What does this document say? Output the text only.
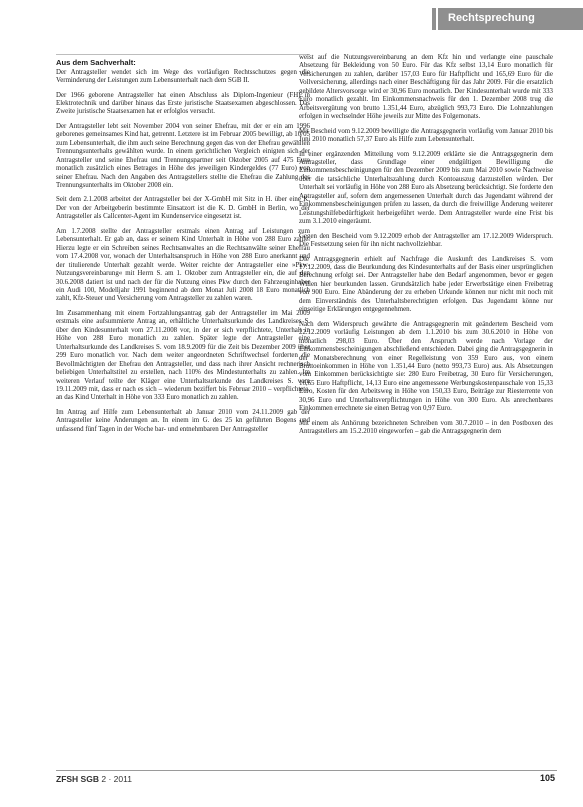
Rechtsprechung
Aus dem Sachverhalt:

Der Antragsteller wendet sich im Wege des vorläufigen Rechtsschutzes gegen die Verminderung der Leistungen zum Lebensunterhalt nach dem SGB II.

Der 1966 geborene Antragsteller hat einen Abschluss als Diplom-Ingenieur (FH) in Elektrotechnik und darüber hinaus das Erste juristische Staatsexamen abgeschlossen. Das Zweite juristische Staatsexamen hat er erfolglos versucht.

Der Antragsteller lebt seit November 2004 von seiner Ehefrau, mit der er ein am 1996 geborenes gemeinsames Kind hat, getrennt. Letztere ist im Februar 2005 bewilligt, ab 10/05 zum Lebensunterhalt, die ihm auch seine Berechnung gegen das von der Ehefrau gewählten Trennungsunterhalts gewählten wurde. In einem gerichtlichen Vergleich einigten sich der Antragsteller und seine Ehefrau und Trennungspartner seit Oktober 2005 auf 475 Euro monatlich zusätzlich eines Betrages in Höhe des jeweiligen Kindergeldes (77 Euro) von seiner Ehefrau. Nach den Angaben des Antragstellers stellte die Ehefrau die Zahlung des Trennungsunterhalts im Oktober 2008 ein.

Seit dem 2.1.2008 arbeitet der Antragsteller bei der X-GmbH mit Sitz in H. über eine K. Der von der Arbeitgeberin bestimmte Einsatzort ist die K. D. GmbH in Berlin, wo der Antragsteller als Callcenter-Agent im Kundenservice eingesetzt ist.

Am 1.7.2008 stellte der Antragsteller erstmals einen Antrag auf Leistungen zum Lebensunterhalt. Er gab an, dass er seinem Kind Unterhalt in Höhe von 288 Euro zahle. Hierzu legte er ein Schreiben seines Rechtsanwaltes an die Rechtsanwälte seiner Ehefrau vom 17.4.2008 vor, wonach der Unterhaltsanspruch in Höhe von 288 Euro anerkannt und der titulierende Unterhalt gezahlt werde. Weiter reichte der Antragsteller eine »Pkw-Nutzungsvereinbarung« mit Herrn S. am 1. Oktober zum Antragsteller ein, die auf den 30.6.2008 datiert ist und nach der für die Nutzung eines Pkw durch den Fahrzeuginhaber ein Audi 100, Modelljahr 1991 beginnend ab dem Monat Juli 2008 18 Euro monatlich zahlt, Kfz-Steuer und Versicherung vom Antragsteller zu zahlen waren.

Im Zusammenhang mit einem Fortzahlungsantrag gab der Antragsteller im Mai 2009 erstmals eine aufsummierte Antrag an, erhältliche Unterhaltsurkunde des Landkreises S. über den Kindesunterhalt vom 27.11.2008 vor, in der er sich verpflichtete, Unterhalt in Höhe von 288 Euro monatlich zu zahlen. Später legte der Antragsteller eine Unterhaltsurkunde des Landkreises S. vom 18.9.2009 für die Zeit bis Dezember 2009 über 299 Euro monatlich vor. Nach dem weiter angeordneten Schriftwechsel forderten die Bevollmächtigten der Ehefrau den Antragsteller, und dass nach ihrer Ansicht rechnerisch beliebigen Unterhaltstitel zu erstellen, nach 110% des Mindestunterhalts zu zahlen. Im weiteren Verlauf teilte der Kläger eine Unterhaltsurkunde des Landkreises S. vom 19.11.2009 mit, dass er nach es sich – wiederum beziffert bis Februar 2010 – verpflichtete, an das Kind Unterhalt in Höhe von 333 Euro monatlich zu zahlen.

Im Antrag auf Hilfe zum Lebensunterhalt ab Januar 2010 vom 24.11.2009 gab der Antragsteller keine Änderungen an. In einem im G. des 25 kn geführten Bogens und unfassend fünf Tagen in der Woche bar- und entnehmbaren Der Antragsteller

weist auf die Nutzungsvereinbarung an dem Kfz hin und verlangte eine pauschale Absetzung für Bekleidung von 50 Euro. Für das Kfz selbst 13,14 Euro monatlich für Versicherungen zu zahlen, darüber 157,03 Euro für Haftpflicht und 165,69 Euro für die Vollversicherung, allerdings nach einer Beschäftigung für das Jahr 2009. Für die ersatzlich gebildete Altersvorsorge wird er 30,96 Euro monatlich. Der Kindesunterhalt wurde mit 333 Euro monatlich gezahlt. Im Einkommensnachweis für den 1. Dezember 2008 trug die Arbeitsvergütung von brutto 1.351,44 Euro, abzüglich 993,73 Euro. Die Lohnzahlungen erfolgen in wechselnder Höhe jeweils zur Mitte des Folgemonats.

Mit Bescheid vom 9.12.2009 bewilligte die Antragsgegnerin vorläufig vom Januar 2010 bis Juni 2010 monatlich 57,37 Euro als Hilfe zum Lebensunterhalt.

In einer ergänzenden Mitteilung vom 9.12.2009 erklärte sie die Antragsgegnerin dem Antragsteller, dass Grundlage einer endgültigen Bewilligung die Einkommensbescheinigungen für den Dezember 2009 bis zum Mai 2010 sowie Nachweise über die tatsächliche Unterhaltszahlung durch Kontoauszug darzustellen würden. Der Unterhalt sei vorläufig in Höhe von 288 Euro als Absetzung berücksichtigt. Sie forderte den Antragsteller auf, sofern dem angemessenen Unterhalt durch das Jugendamt während der Einkommensbescheinigungen prüfen zu lassen, da durch die freiwillige Änderung weiterer Leistungshilfebedürftigkeit herbeigeführt werde. Dem Antragsteller wurde eine Frist bis zum 3.1.2010 eingeräumt.

Gegen den Bescheid vom 9.12.2009 erhob der Antragsteller am 17.12.2009 Widerspruch. Die Festsetzung seien für ihn nicht nachvollziehbar.

Die Antragsgegnerin erhielt auf Nachfrage die Auskunft des Landkreises S. vom 17.12.2009, dass die Beurkundung des Kindesunterhalts auf der Basis einer ursprünglichen Berechnung erfolgt sei. Der Antragsteller habe den Bedarf angenommen, bevor er gegen Willen hier beurkunden lassen. Grundsätzlich habe jeder Erwerbstätige einen Freibetrag von 900 Euro. Eine Abänderung der zu erheben Urkunde können nur nicht mit noch mit dem Einverständnis des Unterhaltsberechtigten erfolgen. Das Jugendamt könne nur einseitige Erklärungen entgegennehmen.

Nach dem Widerspruch gewährte die Antragsgegnerin mit geändertem Bescheid vom 22.12.2009 vorläufig Leistungen ab dem 1.1.2010 bis zum 30.6.2010 in Höhe von monatlich 298,03 Euro. Über den Anspruch werde nach Vorlage der Einkommensbescheinigungen abschließend entschieden. Dabei ging die Antragsgegnerin in der Monatsberechnung von einer Regelleistung von 359 Euro aus, von einem Bruttoeinkommen in Höhe von 1.351,44 Euro (netto 993,73 Euro) aus. Als Absetzungen vom Einkommen berücksichtigte sie: 280 Euro Freibetrag, 30 Euro für Versicherungen, 16,65 Euro Haftpflicht, 14,13 Euro eine angemessene Werbungskostenpauschale von 15,33 Euro, Kosten für den Arbeitsweg in Höhe von 150,33 Euro, Beiträge zur Riesterrente von 30,96 Euro und Unterhaltsverpflichtungen in Höhe von 300 Euro. Als anrechenbares Einkommen errechnete sie einen Betrag von 0,97 Euro.

Mit einem als Anhörung bezeichneten Schreiben vom 30.7.2010 – in den Postboxen des Antragstellers am 15.2.2010 eingeworfen – gab die Antragsgegnerin dem

ZFSH SGB 2 · 2011	105
